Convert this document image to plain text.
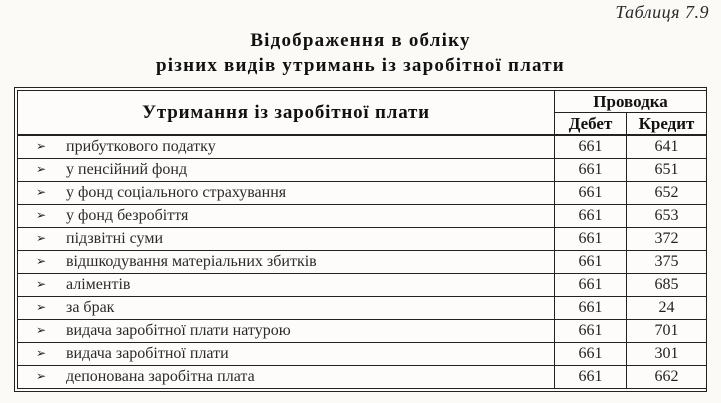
Таблиця 7.9
Відображення в обліку
різних видів утримань із заробітної плати
Утримання із заробітної плати	Проводка	
	Дебет	Кредит
➢ прибуткового податку	661	641
➢ у пенсійний фонд	661	651
➢ у фонд соціального страхування	661	652
➢ у фонд безробіття	661	653
➢ підзвітні суми	661	372
➢ відшкодування матеріальних збитків	661	375
➢ аліментів	661	685
➢ за брак	661	24
➢ видача заробітної плати натурою	661	701
➢ видача заробітної плати	661	301
➢ депонована заробітна плата	661	662
